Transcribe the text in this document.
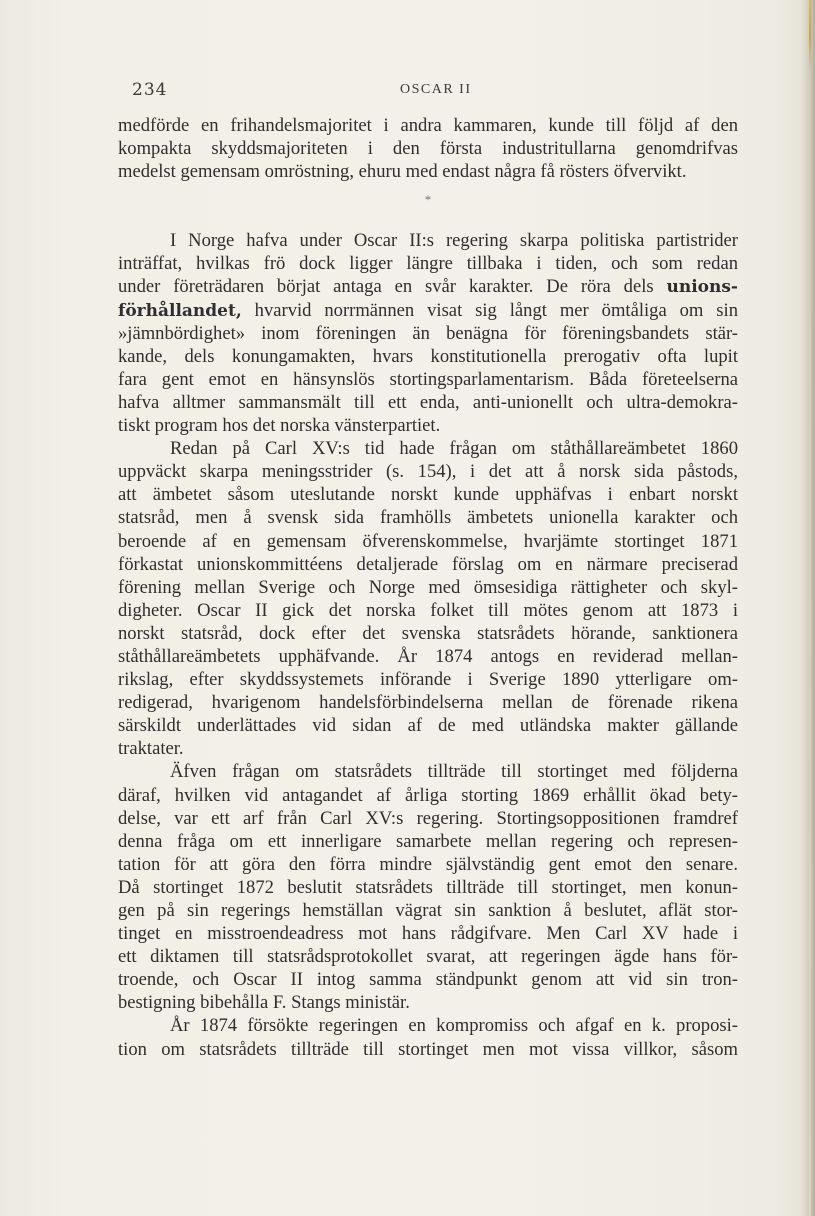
234	OSCAR II
medförde en frihandelsmajoritet i andra kammaren, kunde till följd af den
kompakta skyddsmajoriteten i den första industritullarna genomdrifvas
medelst gemensam omröstning, ehuru med endast några få rösters öfvervikt.
*
I Norge hafva under Oscar II:s regering skarpa politiska partistrider
inträffat, hvilkas frö dock ligger längre tillbaka i tiden, och som redan
under företrädaren börjat antaga en svår karakter. De röra dels unions-
förhållandet, hvarvid norrmännen visat sig långt mer ömtåliga om sin
»jämnbördighet» inom föreningen än benägna för föreningsbandets stär-
kande, dels konungamakten, hvars konstitutionella prerogativ ofta lupit
fara gent emot en hänsynslös stortingsparlamentarism. Båda företeelserna
hafva alltmer sammansmält till ett enda, anti-unionellt och ultra-demokra-
tiskt program hos det norska vänsterpartiet.
Redan på Carl XV:s tid hade frågan om ståthållareämbetet 1860
uppväckt skarpa meningsstrider (s. 154), i det att å norsk sida påstods,
att ämbetet såsom uteslutande norskt kunde upphäfvas i enbart norskt
statsråd, men å svensk sida framhölls ämbetets unionella karakter och
beroende af en gemensam öfverenskommelse, hvarjämte stortinget 1871
förkastat unionskommittéens detaljerade förslag om en närmare preciserad
förening mellan Sverige och Norge med ömsesidiga rättigheter och skyl-
digheter. Oscar II gick det norska folket till mötes genom att 1873 i
norskt statsråd, dock efter det svenska statsrådets hörande, sanktionera
ståthållareämbetets upphäfvande. År 1874 antogs en reviderad mellan-
rikslag, efter skyddssystemets införande i Sverige 1890 ytterligare om-
redigerad, hvarigenom handelsförbindelserna mellan de förenade rikena
särskildt underlättades vid sidan af de med utländska makter gällande
traktater.
Äfven frågan om statsrådets tillträde till stortinget med följderna
däraf, hvilken vid antagandet af årliga storting 1869 erhållit ökad bety-
delse, var ett arf från Carl XV:s regering. Stortingsoppositionen framdref
denna fråga om ett innerligare samarbete mellan regering och represen-
tation för att göra den förra mindre självständig gent emot den senare.
Då stortinget 1872 beslutit statsrådets tillträde till stortinget, men konun-
gen på sin regerings hemställan vägrat sin sanktion å beslutet, aflät stor-
tinget en misstroendeadress mot hans rådgifvare. Men Carl XV hade i
ett diktamen till statsrådsprotokollet svarat, att regeringen ägde hans för-
troende, och Oscar II intog samma ständpunkt genom att vid sin tron-
bestigning bibehålla F. Stangs ministär.
År 1874 försökte regeringen en kompromiss och afgaf en k. proposi-
tion om statsrådets tillträde till stortinget men mot vissa villkor, såsom
